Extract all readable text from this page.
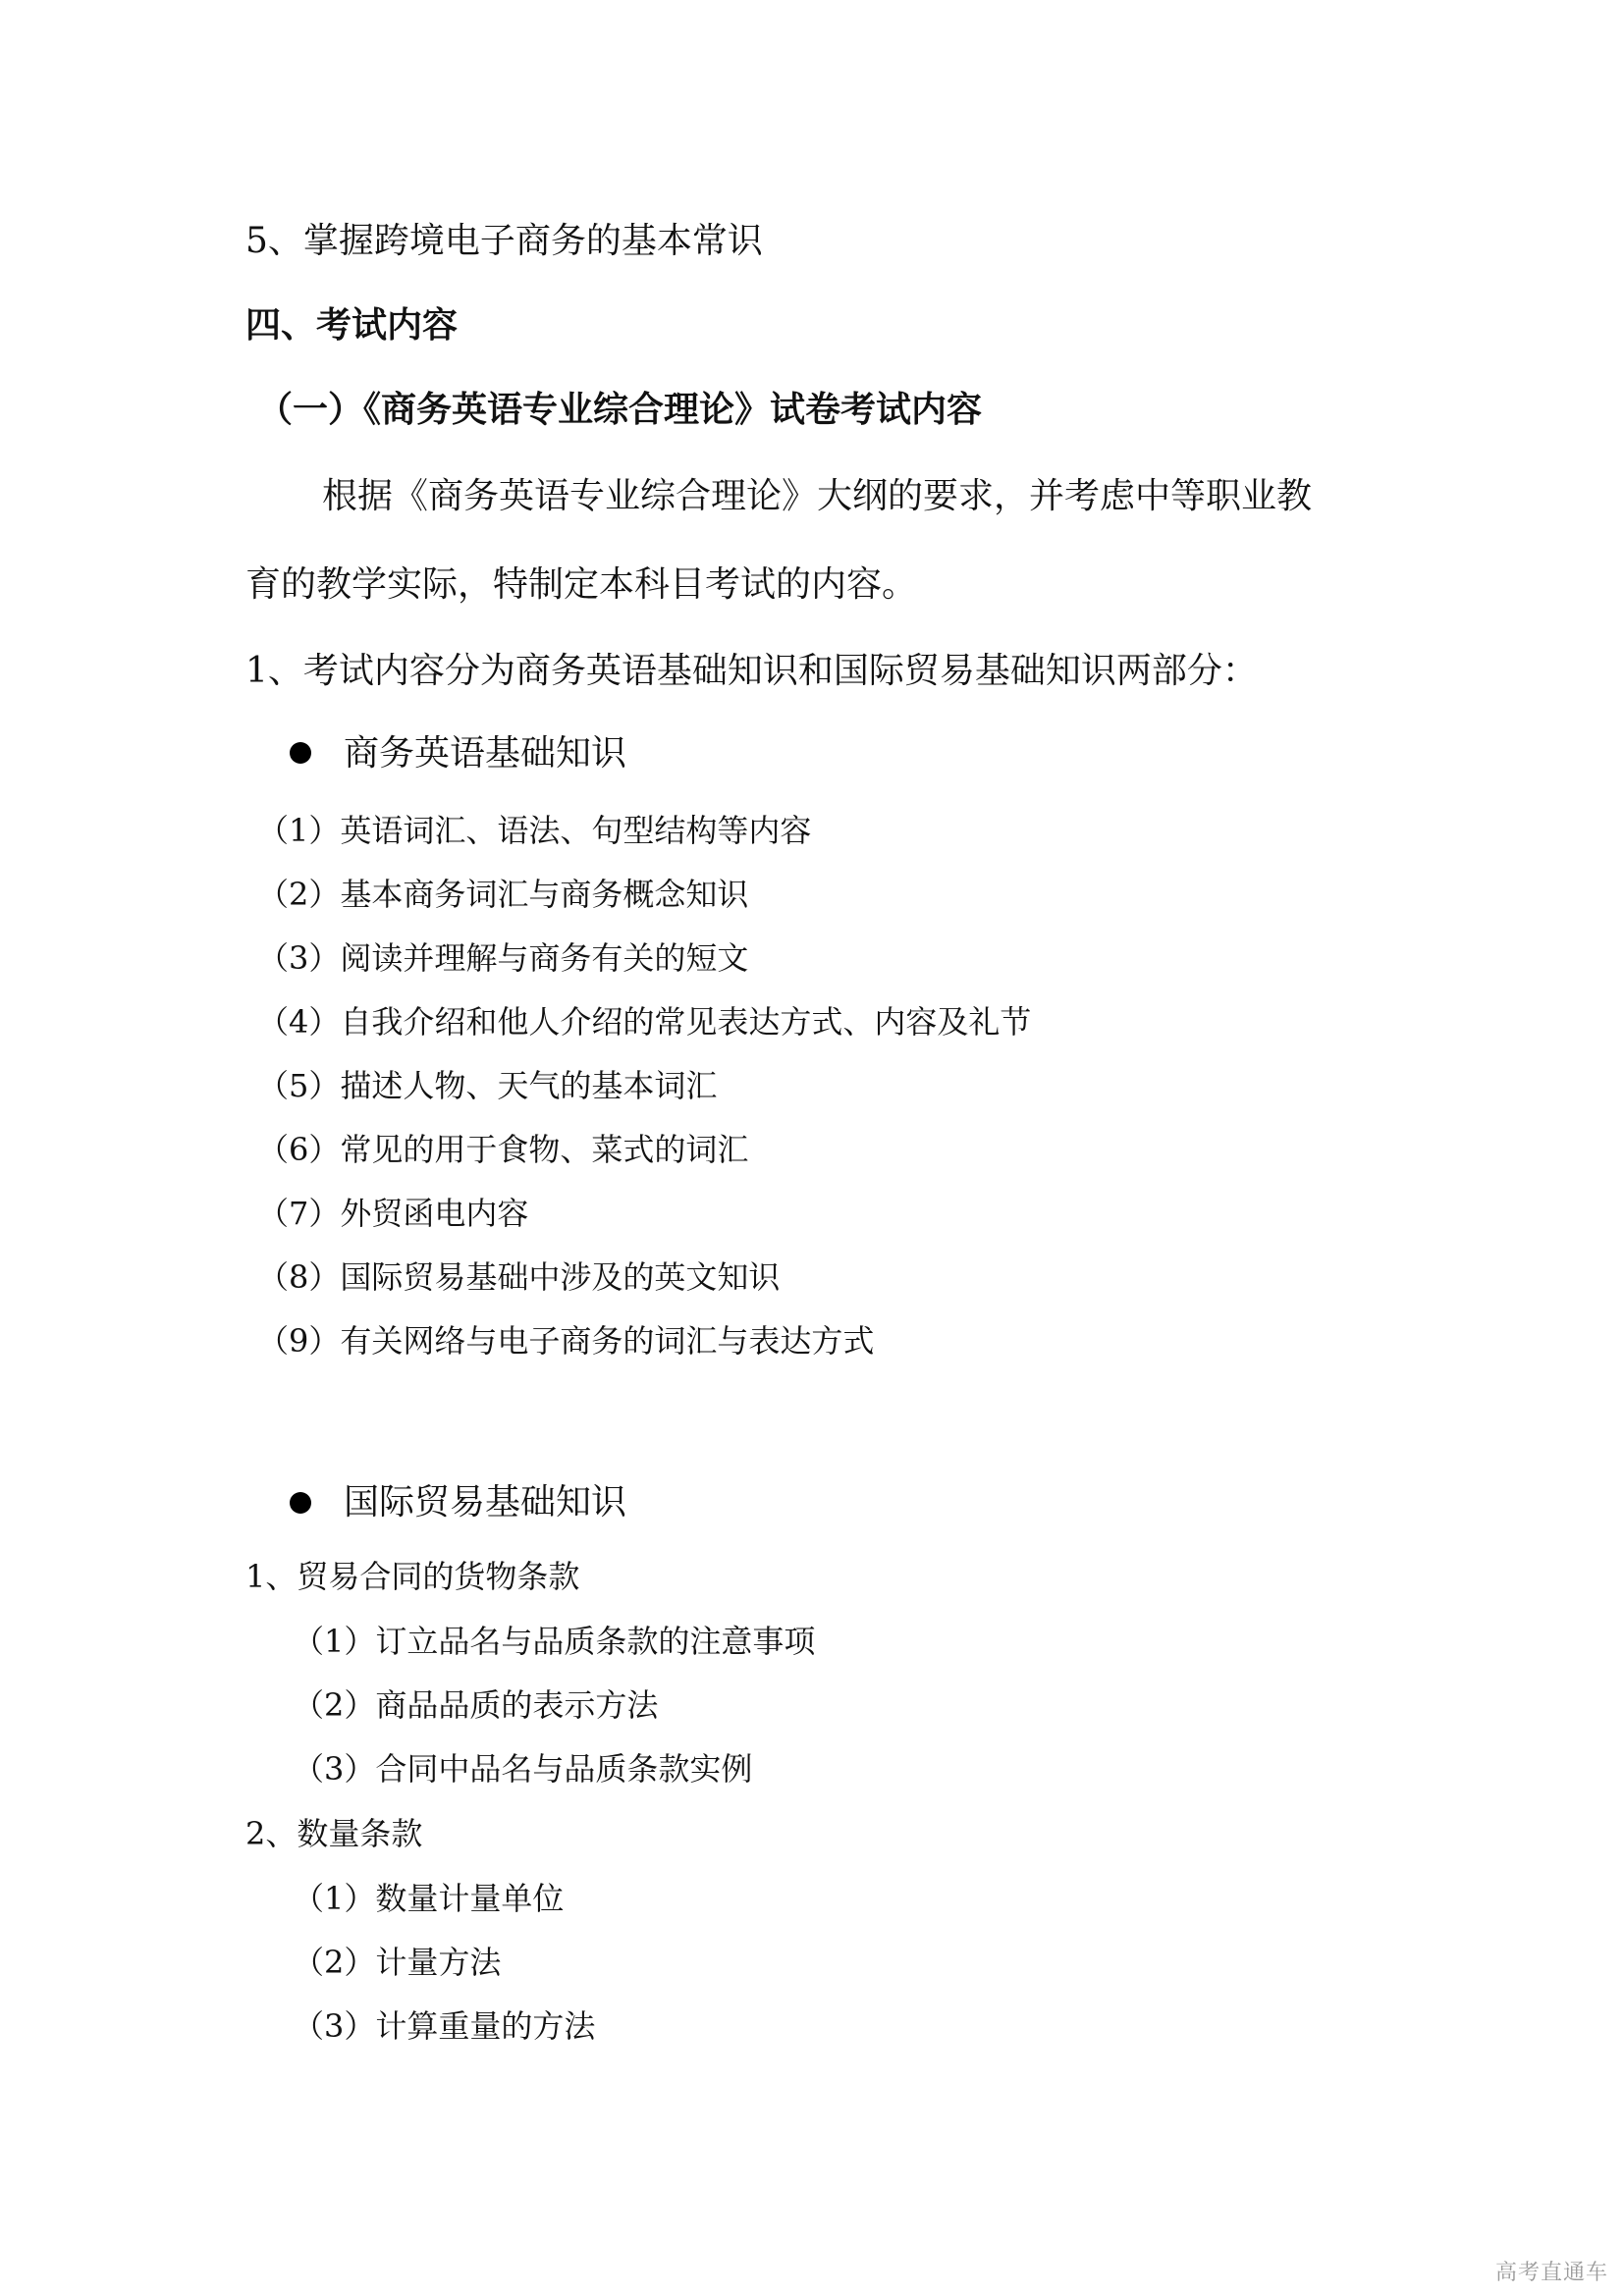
5、掌握跨境电子商务的基本常识
四、考试内容
（一）《商务英语专业综合理论》试卷考试内容
根据《商务英语专业综合理论》大纲的要求，并考虑中等职业教
育的教学实际，特制定本科目考试的内容。
1、考试内容分为商务英语基础知识和国际贸易基础知识两部分：
商务英语基础知识
（1）英语词汇、语法、句型结构等内容
（2）基本商务词汇与商务概念知识
（3）阅读并理解与商务有关的短文
（4）自我介绍和他人介绍的常见表达方式、内容及礼节
（5）描述人物、天气的基本词汇
（6）常见的用于食物、菜式的词汇
（7）外贸函电内容
（8）国际贸易基础中涉及的英文知识
（9）有关网络与电子商务的词汇与表达方式
国际贸易基础知识
1、贸易合同的货物条款
（1）订立品名与品质条款的注意事项
（2）商品品质的表示方法
（3）合同中品名与品质条款实例
2、数量条款
（1）数量计量单位
（2）计量方法
（3）计算重量的方法
高考直通车
